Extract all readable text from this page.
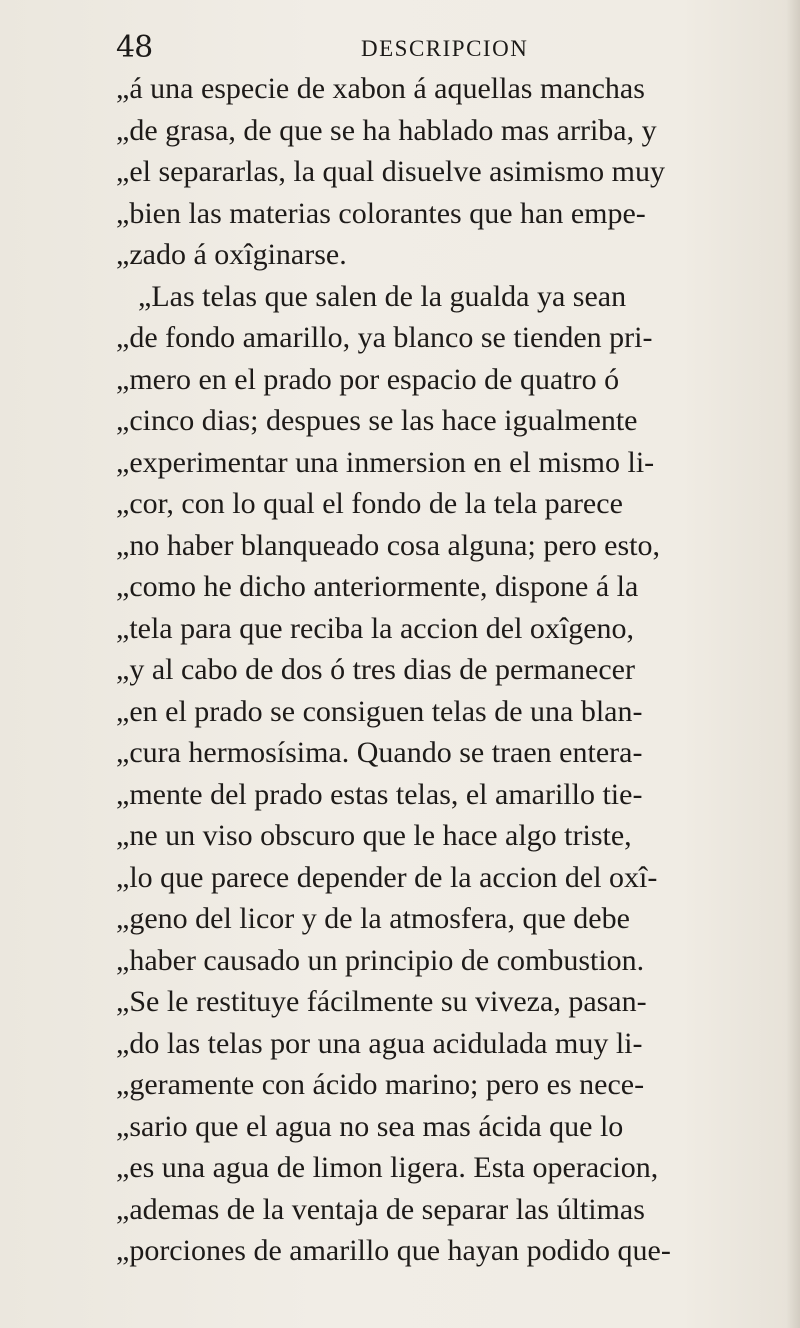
48	DESCRIPCION
„á una especie de xabon á aquellas manchas
„de grasa, de que se ha hablado mas arriba, y
„el separarlas, la qual disuelve asimismo muy
„bien las materias colorantes que han empe-
„zado á oxîginarse.
„Las telas que salen de la gualda ya sean
„de fondo amarillo, ya blanco se tienden pri-
„mero en el prado por espacio de quatro ó
„cinco dias; despues se las hace igualmente
„experimentar una inmersion en el mismo li-
„cor, con lo qual el fondo de la tela parece
„no haber blanqueado cosa alguna; pero esto,
„como he dicho anteriormente, dispone á la
„tela para que reciba la accion del oxîgeno,
„y al cabo de dos ó tres dias de permanecer
„en el prado se consiguen telas de una blan-
„cura hermosísima. Quando se traen entera-
„mente del prado estas telas, el amarillo tie-
„ne un viso obscuro que le hace algo triste,
„lo que parece depender de la accion del oxî-
„geno del licor y de la atmosfera, que debe
„haber causado un principio de combustion.
„Se le restituye fácilmente su viveza, pasan-
„do las telas por una agua acidulada muy li-
„geramente con ácido marino; pero es nece-
„sario que el agua no sea mas ácida que lo
„es una agua de limon ligera. Esta operacion,
„ademas de la ventaja de separar las últimas
„porciones de amarillo que hayan podido que-
